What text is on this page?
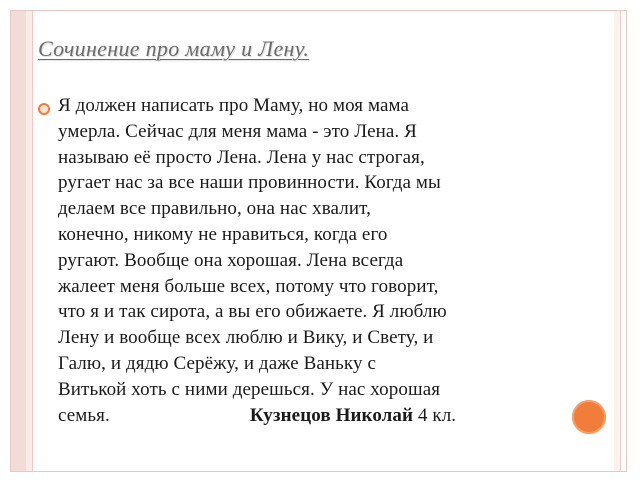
Сочинение про маму и Лену.
Я должен написать про Маму, но моя мама
умерла. Сейчас для меня мама - это Лена. Я
называю её просто Лена. Лена у нас строгая,
ругает нас за все наши провинности. Когда мы
делаем все правильно, она нас хвалит,
конечно, никому не нравиться, когда его
ругают. Вообще она хорошая. Лена всегда
жалеет меня больше всех, потому что говорит,
что я и так сирота, а вы его обижаете. Я люблю
Лену и вообще всех люблю и Вику, и Свету, и
Галю, и дядю Серёжу, и даже Ваньку с
Витькой хоть с ними дерешься. У нас хорошая
семья.	Кузнецов Николай 4 кл.
